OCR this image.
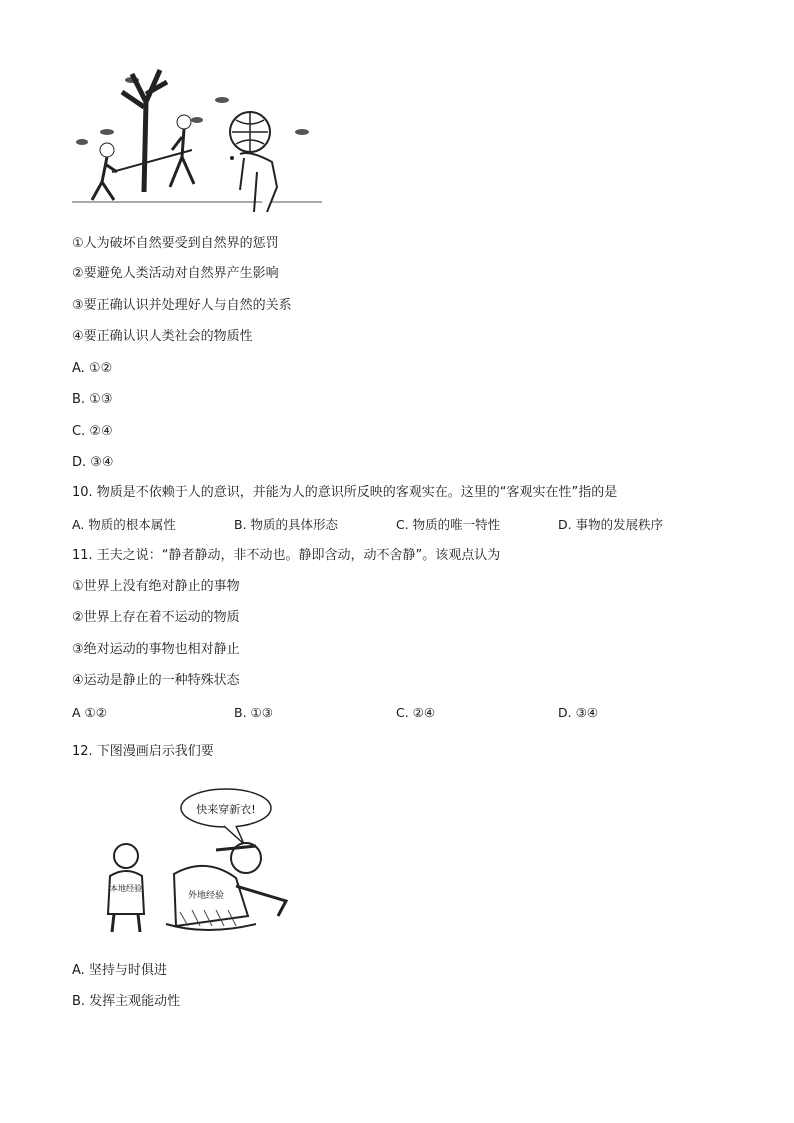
①人为破坏自然要受到自然界的惩罚
②要避免人类活动对自然界产生影响
③要正确认识并处理好人与自然的关系
④要正确认识人类社会的物质性
A. ①②
B. ①③
C. ②④
D. ③④
10. 物质是不依赖于人的意识，并能为人的意识所反映的客观实在。这里的“客观实在性”指的是
A. 物质的根本属性	B. 物质的具体形态	C. 物质的唯一特性	D. 事物的发展秩序
11. 王夫之说：“静者静动，非不动也。静即含动，动不舍静”。该观点认为
①世界上没有绝对静止的事物
②世界上存在着不运动的物质
③绝对运动的事物也相对静止
④运动是静止的一种特殊状态
A ①②	B. ①③	C. ②④	D. ③④
12. 下图漫画启示我们要
快来穿新衣!
本地经验
外地经验
A. 坚持与时俱进
B. 发挥主观能动性
